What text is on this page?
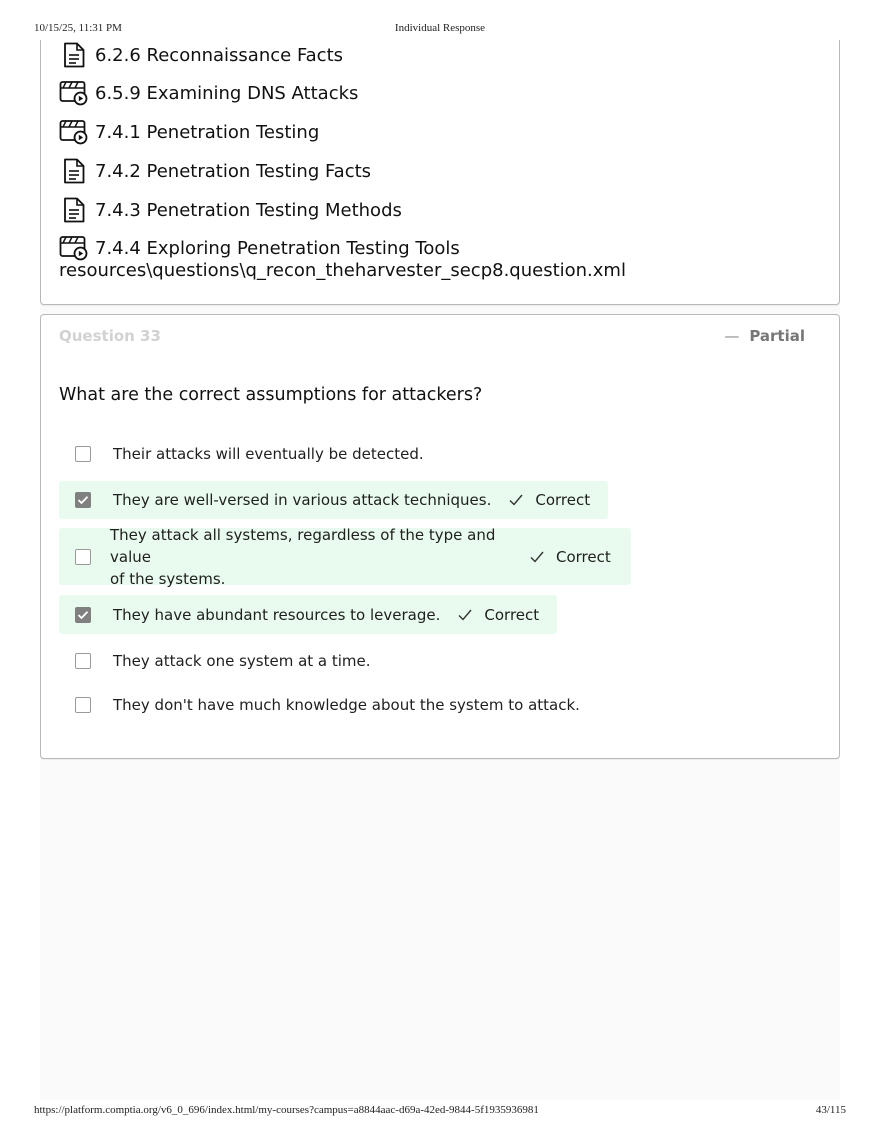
10/15/25, 11:31 PM	Individual Response
6.2.6 Reconnaissance Facts
6.5.9 Examining DNS Attacks
7.4.1 Penetration Testing
7.4.2 Penetration Testing Facts
7.4.3 Penetration Testing Methods
7.4.4 Exploring Penetration Testing Tools
resources\questions\q_recon_theharvester_secp8.question.xml
Question 33	— Partial
What are the correct assumptions for attackers?
Their attacks will eventually be detected.
They are well-versed in various attack techniques.	Correct
They attack all systems, regardless of the type and value
of the systems.
Correct
They have abundant resources to leverage.	Correct
They attack one system at a time.
They don't have much knowledge about the system to attack.
https://platform.comptia.org/v6_0_696/index.html/my-courses?campus=a8844aac-d69a-42ed-9844-5f1935936981	43/115
